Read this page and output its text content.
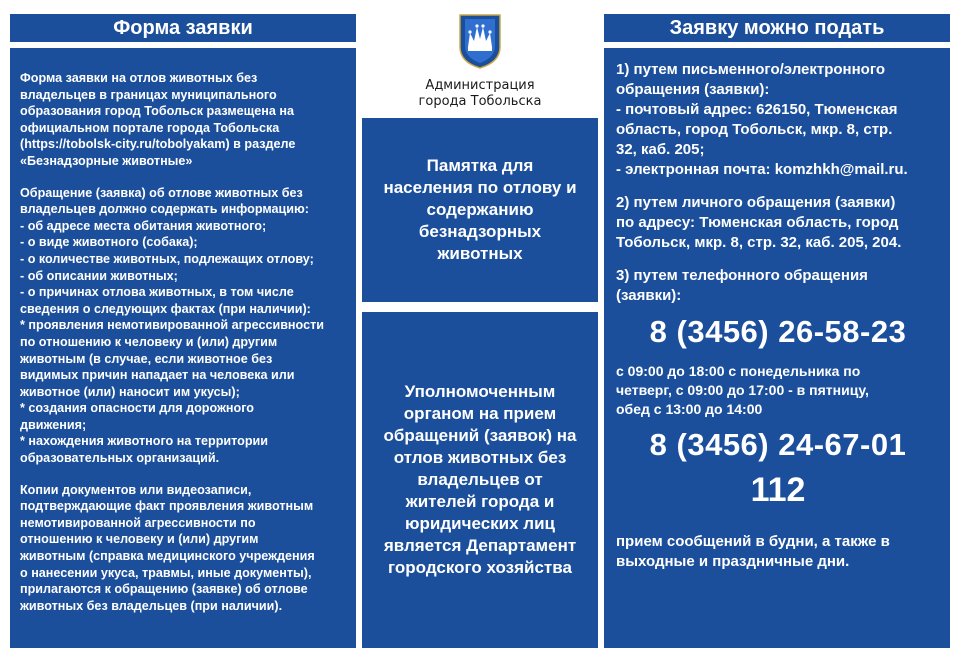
Форма заявки	Заявку можно подать

Форма заявки на отлов животных без
владельцев в границах муниципального
образования город Тобольск размещена на
официальном портале города Тобольска
(https://tobolsk-city.ru/tobolyakam) в разделе
«Безнадзорные животные»

Обращение (заявка) об отлове животных без
владельцев должно содержать информацию:
- об адресе места обитания животного;
- о виде животного (собака);
- о количестве животных, подлежащих отлову;
- об описании животных;
- о причинах отлова животных, в том числе
сведения о следующих фактах (при наличии):
* проявления немотивированной агрессивности
по отношению к человеку и (или) другим
животным (в случае, если животное без
видимых причин нападает на человека или
животное (или) наносит им укусы);
* создания опасности для дорожного
движения;
* нахождения животного на территории
образовательных организаций.

Копии документов или видеозаписи,
подтверждающие факт проявления животным
немотивированной агрессивности по
отношению к человеку и (или) другим
животным (справка медицинского учреждения
о нанесении укуса, травмы, иные документы),
прилагаются к обращению (заявке) об отлове
животных без владельцев (при наличии).

Администрация
города Тобольска
Памятка для
населения по отлову и
содержанию
безнадзорных
животных
Уполномоченным
органом на прием
обращений (заявок) на
отлов животных без
владельцев от
жителей города и
юридических лиц
является Департамент
городского хозяйства
1) путем письменного/электронного
обращения (заявки):
- почтовый адрес: 626150, Тюменская
область, город Тобольск, мкр. 8, стр.
32, каб. 205;
- электронная почта: komzhkh@mail.ru.
2) путем личного обращения (заявки)
по адресу: Тюменская область, город
Тобольск, мкр. 8, стр. 32, каб. 205, 204.
3) путем телефонного обращения
(заявки):
8 (3456) 26-58-23
с 09:00 до 18:00 с понедельника по
четверг, с 09:00 до 17:00 - в пятницу,
обед с 13:00 до 14:00
8 (3456) 24-67-01
112
прием сообщений в будни, а также в
выходные и праздничные дни.
